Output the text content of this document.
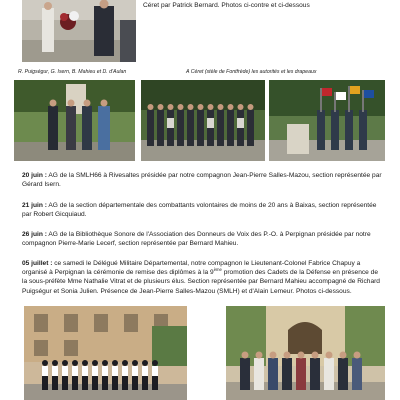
Céret par Patrick Bernard. Photos ci-contre et ci-dessous
R. Puigségur, G. Isern, B. Mahieu et D. d'Aulan	A Céret (stèle de Fontfrède) les autorités et les drapeaux

20 juin : AG de la SMLH66 à Rivesaltes présidée par notre compagnon Jean-Pierre Salles-Mazou, section représentée par Gérard Isern.

21 juin : AG de la section départementale des combattants volontaires de moins de 20 ans à Baixas, section représentée par Robert Gicquiaud.

26 juin : AG de la Bibliothèque Sonore de l'Association des Donneurs de Voix des P.-O. à Perpignan présidée par notre compagnon Pierre-Marie Lecerf, section représentée par Bernard Mahieu.

05 juillet : ce samedi le Délégué Militaire Départemental, notre compagnon le Lieutenant-Colonel Fabrice Chapuy a organisé à Perpignan la cérémonie de remise des diplômes à la 9ème promotion des Cadets de la Défense en présence de la sous-préfète Mme Nathalie Vitrat et de plusieurs élus. Section représentée par Bernard Mahieu accompagné de Richard Puigségur et Sonia Julien. Présence de Jean-Pierre Salles-Mazou (SMLH) et d'Alain Lemeur. Photos ci-dessous.
